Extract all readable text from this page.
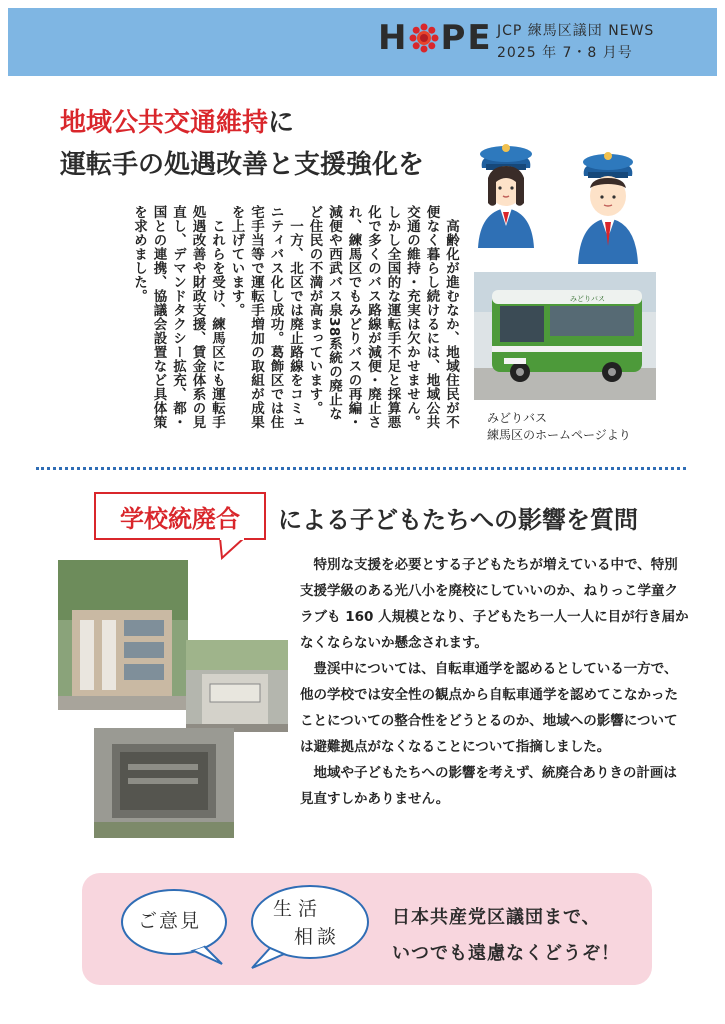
H PE JCP 練馬区議団 NEWS
2025 年 7・8 月号
地域公共交通維持に
運転手の処遇改善と支援強化を

高齢化が進むなか、地域住民が不便なく暮らし続けるには、地域公共交通の維持・充実は欠かせません。しかし全国的な運転手不足と採算悪化で多くのバス路線が減便・廃止され、練馬区でもみどりバスの再編・減便や西武バス泉38系統の廃止など住民の不満が高まっています。

一方、北区では廃止路線をコミュニティバス化し成功。葛飾区では住宅手当等で運転手増加の取組が成果を上げています。

これらを受け、練馬区にも運転手処遇改善や財政支援、賃金体系の見直し、デマンドタクシー拡充、都・国との連携、協議会設置など具体策を求めました。	みどりバス
みどりバス
練馬区のホームページより
学校統廃合 による子どもたちへの影響を質問

特別な支援を必要とする子どもたちが増えている中で、特別支援学級のある光八小を廃校にしていいのか、ねりっこ学童クラブも 160 人規模となり、子どもたち一人一人に目が行き届かなくならないか懸念されます。

豊渓中については、自転車通学を認めるとしている一方で、他の学校では安全性の観点から自転車通学を認めてこなかったことについての整合性をどうとるのか、地域への影響については避難拠点がなくなることについて指摘しました。

地域や子どもたちへの影響を考えず、統廃合ありきの計画は見直すしかありません。

ご意見
生活
相談
日本共産党区議団まで、
いつでも遠慮なくどうぞ！
